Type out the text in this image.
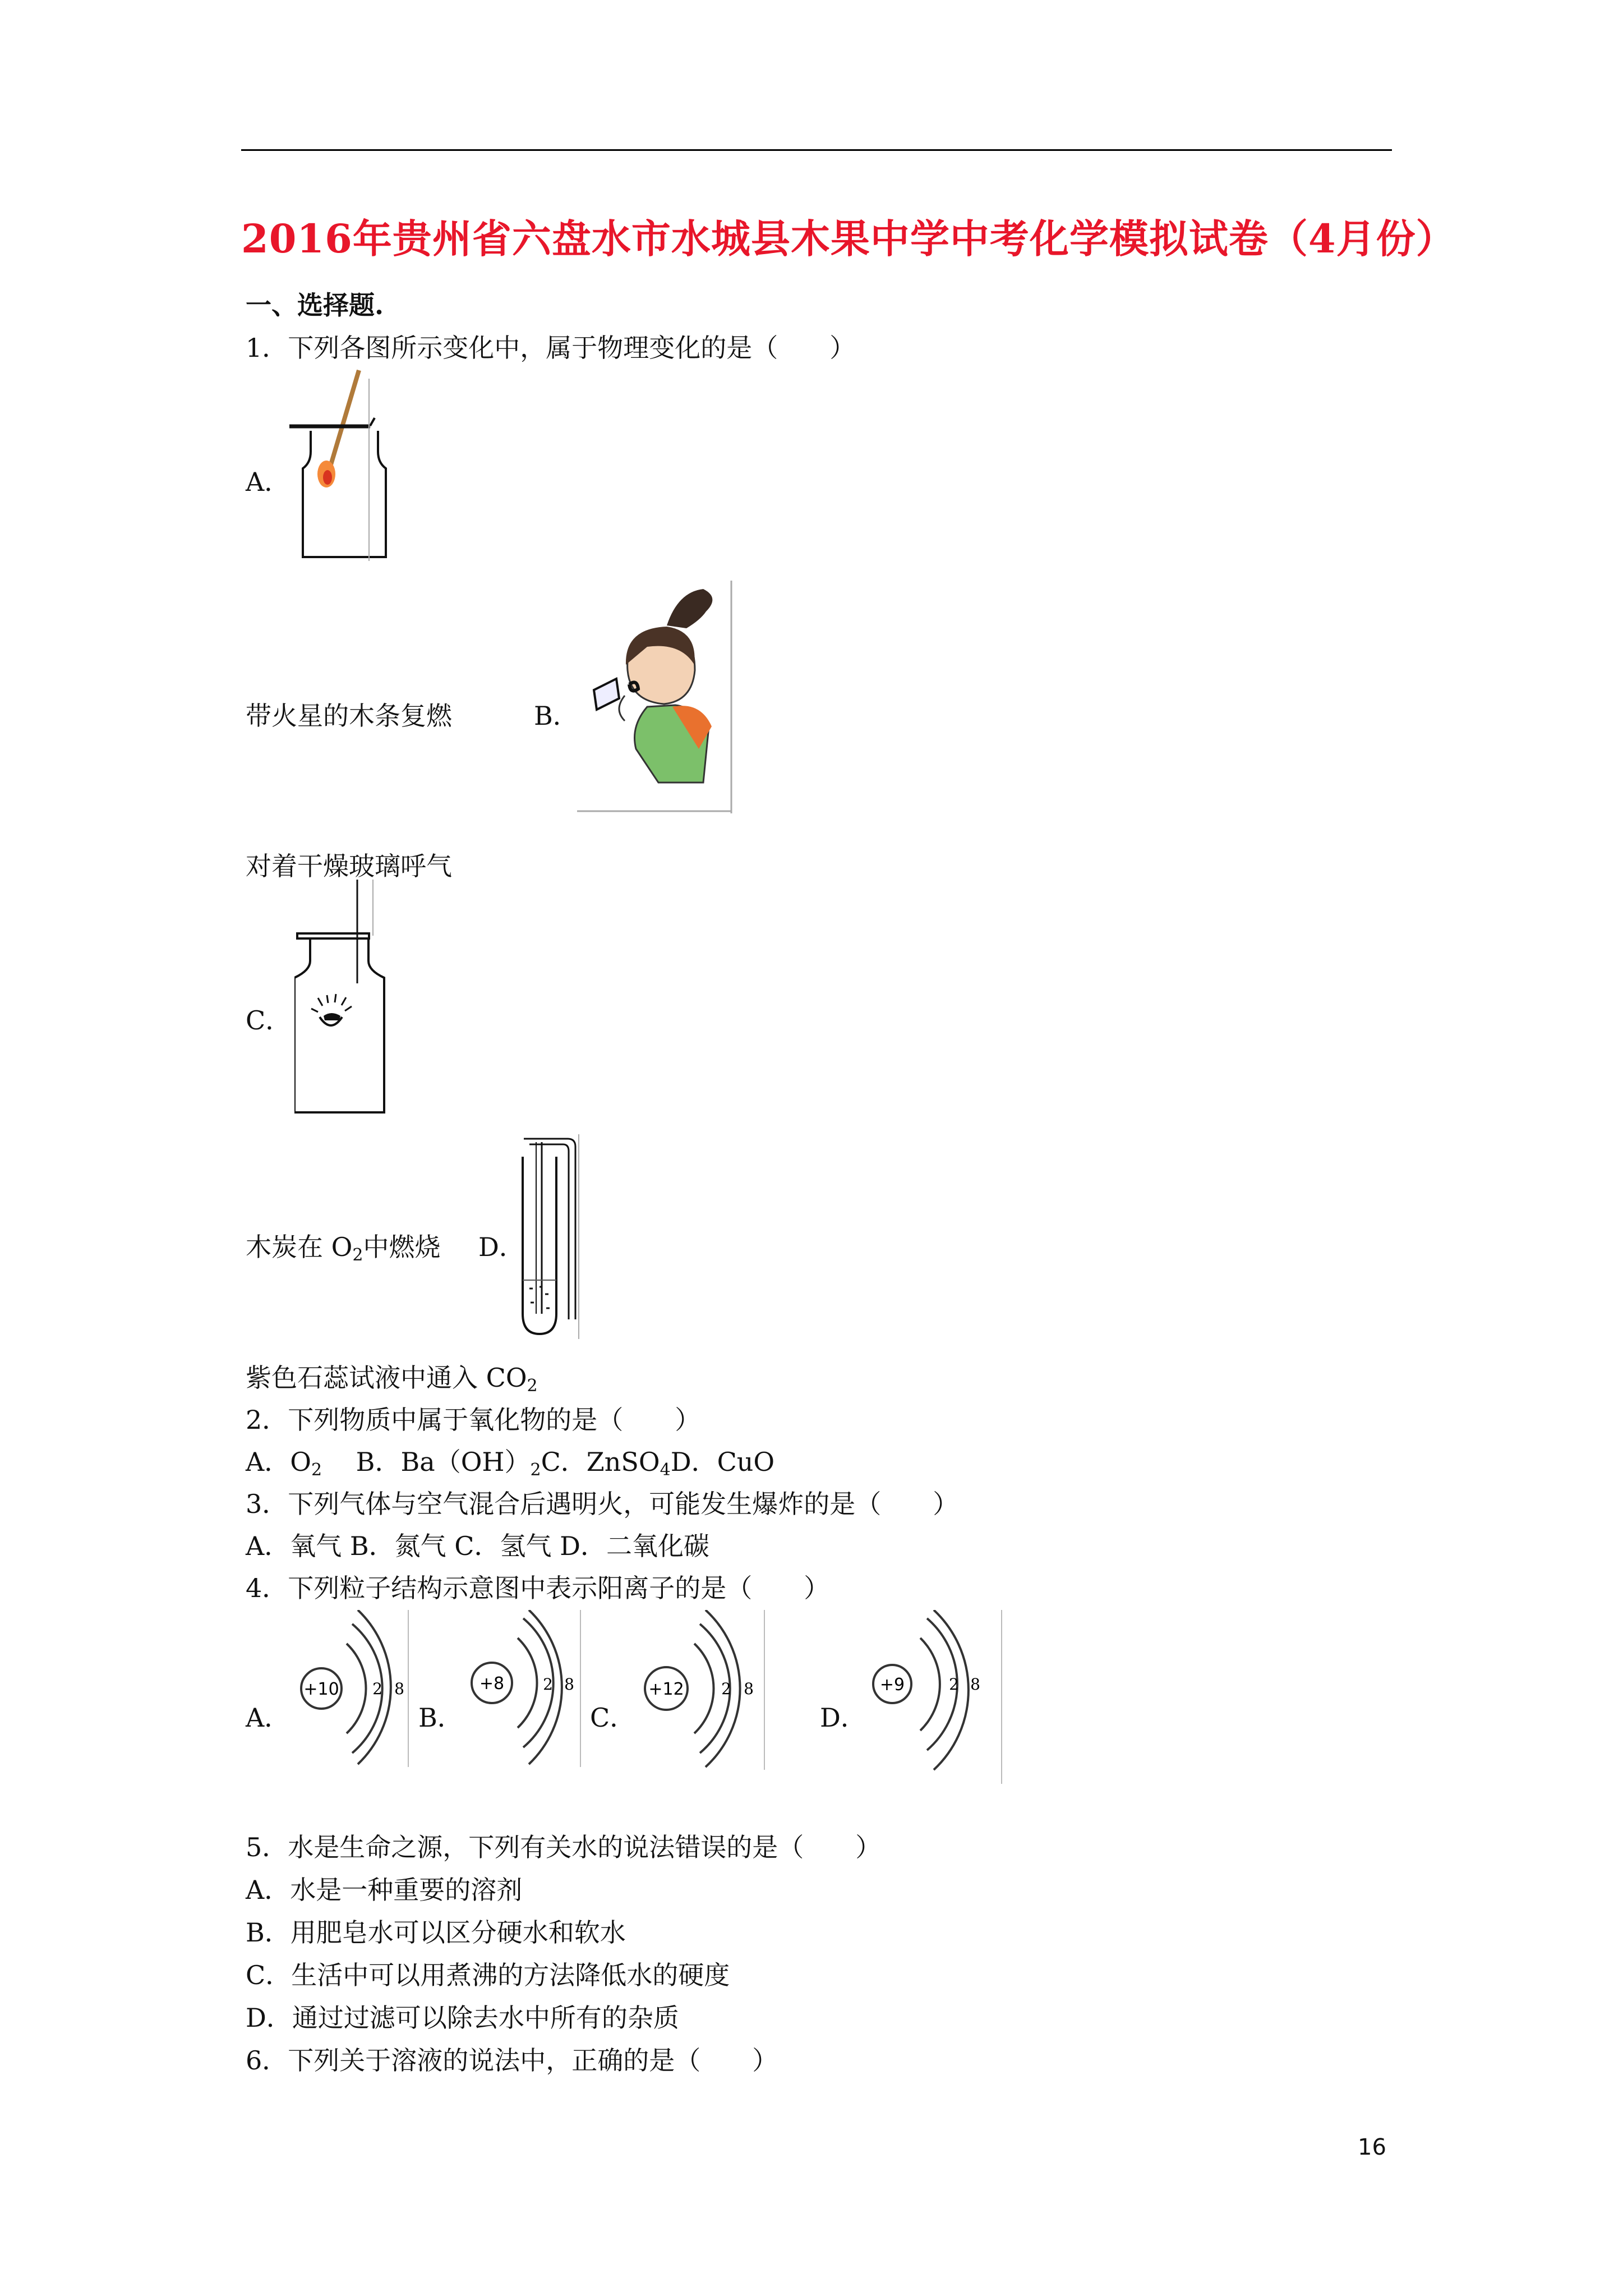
2016年贵州省六盘水市水城县木果中学中考化学模拟试卷（4月份）
一、选择题.
1．下列各图所示变化中，属于物理变化的是（　　）
A．
带火星的木条复燃	B．
对着干燥玻璃呼气
C．
木炭在 $O_2$中燃烧 D．
紫色石蕊试液中通入 $CO_2$
2．下列物质中属于氧化物的是（　　）
A．$O_2$　 B．$Ba(OH)_2C$．ZnSO$_4$D．CuO
3．下列气体与空气混合后遇明火，可能发生爆炸的是（　　）
A．氧气 B．氮气 C．氢气 D．二氧化碳
4．下列粒子结构示意图中表示阳离子的是（　　）
A．
+10 2 8
B．
+8 2 8
C．
+12 2 8
D．
+9	2 8
5．水是生命之源，下列有关水的说法错误的是（　　）
A．水是一种重要的溶剂
B．用肥皂水可以区分硬水和软水
C．生活中可以用煮沸的方法降低水的硬度
D．通过过滤可以除去水中所有的杂质
6．下列关于溶液的说法中，正确的是（　　）
16
